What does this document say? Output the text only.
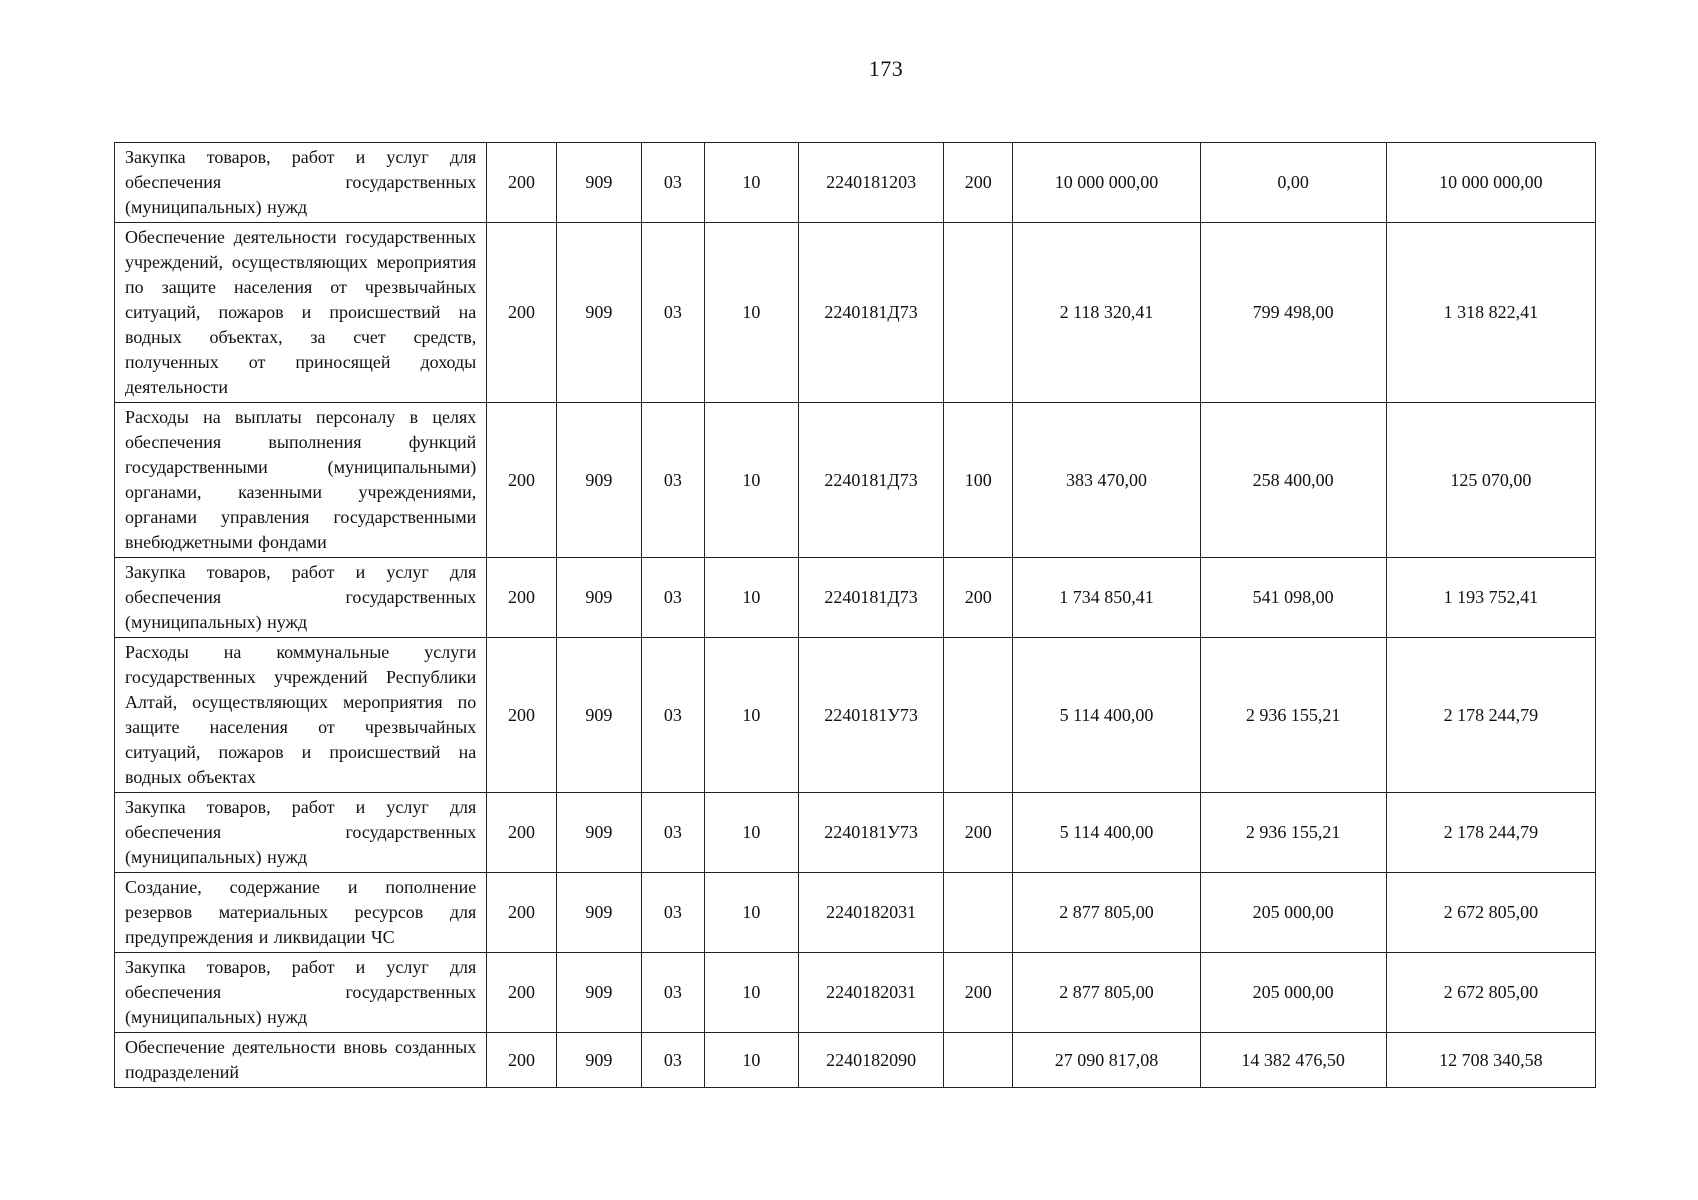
173
Закупка товаров, работ и услуг для обеспечения государственных (муниципальных) нужд	200	909	03	10	2240181203	200	10 000 000,00	0,00	10 000 000,00
Обеспечение деятельности государственных учреждений, осуществляющих мероприятия по защите населения от чрезвычайных ситуаций, пожаров и происшествий на водных объектах, за счет средств, полученных от приносящей доходы деятельности	200	909	03	10	2240181Д73		2 118 320,41	799 498,00	1 318 822,41
Расходы на выплаты персоналу в целях обеспечения выполнения функций государственными (муниципальными) органами, казенными учреждениями, органами управления государственными внебюджетными фондами	200	909	03	10	2240181Д73	100	383 470,00	258 400,00	125 070,00
Закупка товаров, работ и услуг для обеспечения государственных (муниципальных) нужд	200	909	03	10	2240181Д73	200	1 734 850,41	541 098,00	1 193 752,41
Расходы на коммунальные услуги государственных учреждений Республики Алтай, осуществляющих мероприятия по защите населения от чрезвычайных ситуаций, пожаров и происшествий на водных объектах	200	909	03	10	2240181У73		5 114 400,00	2 936 155,21	2 178 244,79
Закупка товаров, работ и услуг для обеспечения государственных (муниципальных) нужд	200	909	03	10	2240181У73	200	5 114 400,00	2 936 155,21	2 178 244,79
Создание, содержание и пополнение резервов материальных ресурсов для предупреждения и ликвидации ЧС	200	909	03	10	2240182031		2 877 805,00	205 000,00	2 672 805,00
Закупка товаров, работ и услуг для обеспечения государственных (муниципальных) нужд	200	909	03	10	2240182031	200	2 877 805,00	205 000,00	2 672 805,00
Обеспечение деятельности вновь созданных подразделений	200	909	03	10	2240182090		27 090 817,08	14 382 476,50	12 708 340,58
